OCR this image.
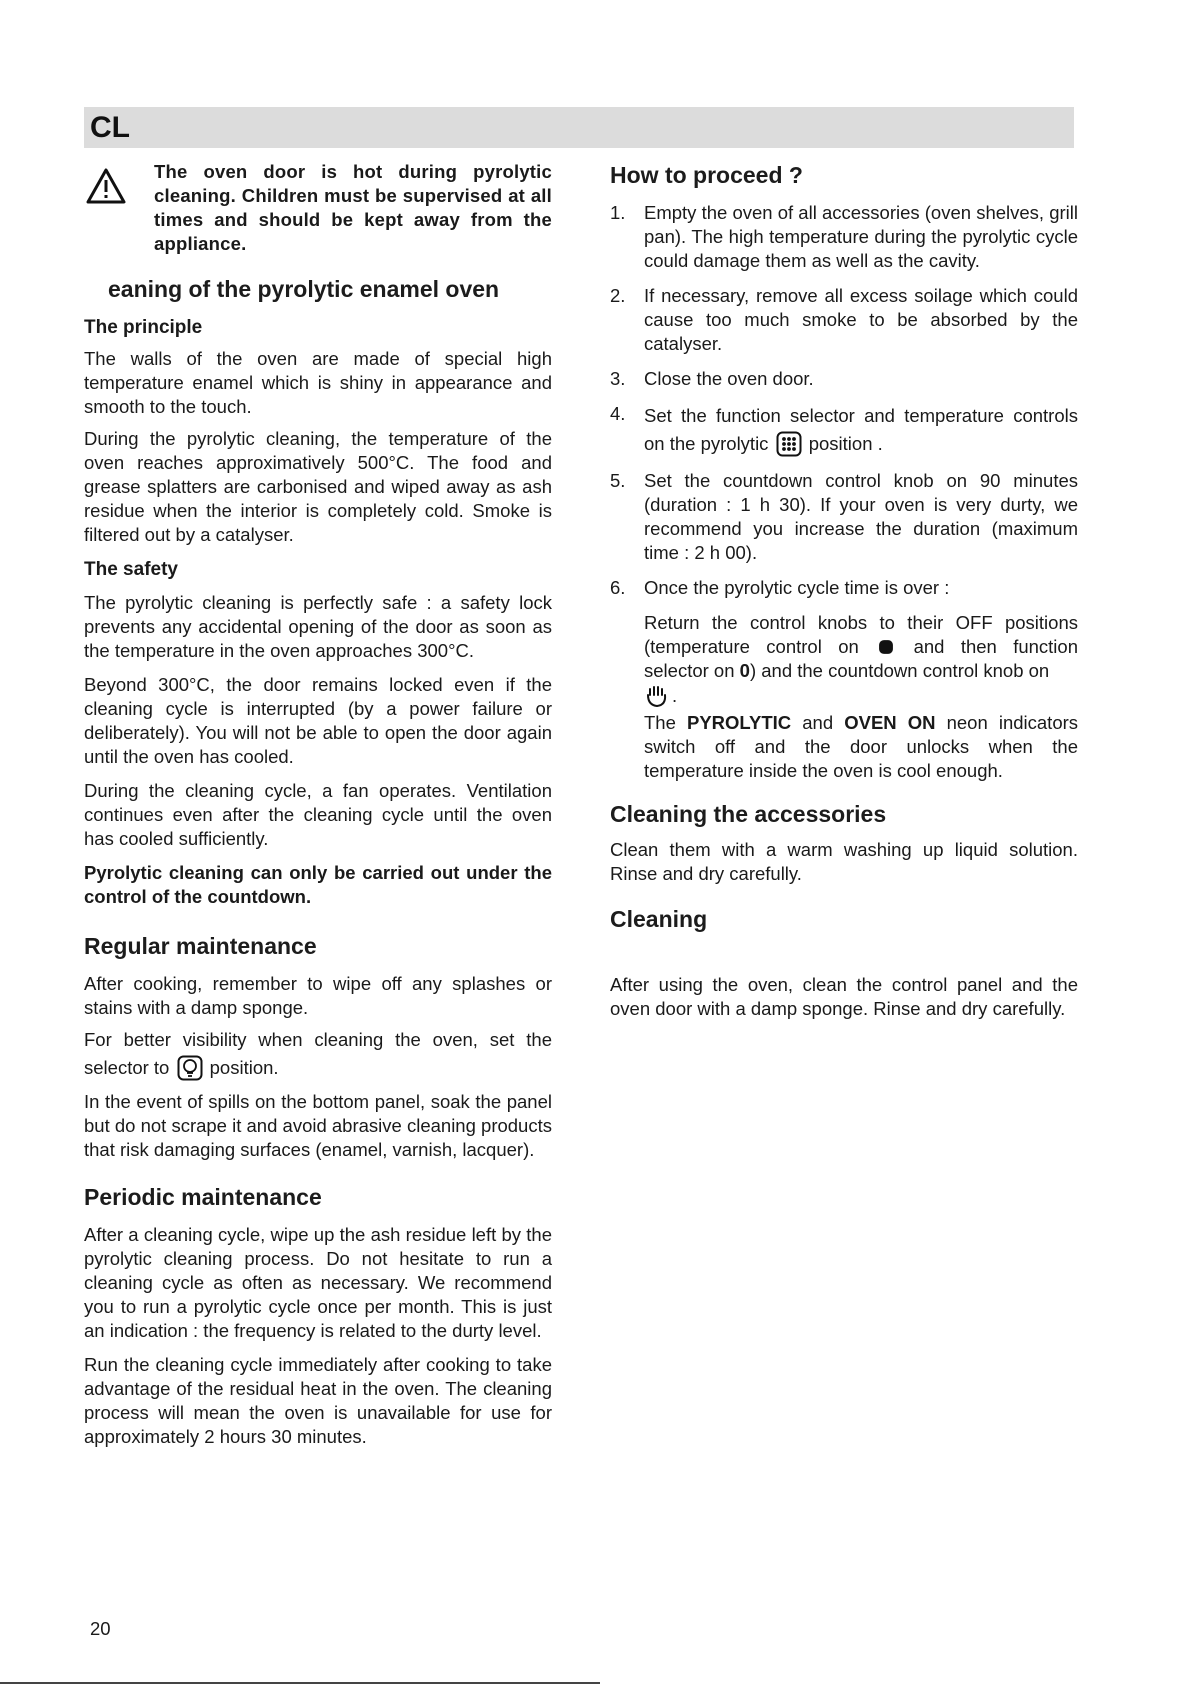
CL
The oven door is hot during pyrolytic cleaning. Children must be supervised at all times and should be kept away from the appliance.
eaning of the pyrolytic enamel oven
The principle

The walls of the oven are made of special high temperature enamel which is shiny in appearance and smooth to the touch.

During the pyrolytic cleaning, the temperature of the oven reaches approximatively 500°C. The food and grease splatters are carbonised and wiped away as ash residue when the interior is completely cold. Smoke is filtered out by a catalyser.

The safety

The pyrolytic cleaning is perfectly safe : a safety lock prevents any accidental opening of the door as soon as the temperature in the oven approaches 300°C.

Beyond 300°C, the door remains locked even if the cleaning cycle is interrupted (by a power failure or deliberately). You will not be able to open the door again until the oven has cooled.

During the cleaning cycle, a fan operates. Ventilation continues even after the cleaning cycle until the oven has cooled sufficiently.

Pyrolytic cleaning can only be carried out under the control of the countdown.

Regular maintenance

After cooking, remember to wipe off any splashes or stains with a damp sponge.

For better visibility when cleaning the oven, set the selector to position.

In the event of spills on the bottom panel, soak the panel but do not scrape it and avoid abrasive cleaning products that risk damaging surfaces (enamel, varnish, lacquer).

Periodic maintenance

After a cleaning cycle, wipe up the ash residue left by the pyrolytic cleaning process. Do not hesitate to run a cleaning cycle as often as necessary. We recommend you to run a pyrolytic cycle once per month. This is just an indication : the frequency is related to the durty level.

Run the cleaning cycle immediately after cooking to take advantage of the residual heat in the oven. The cleaning process will mean the oven is unavailable for use for approximately 2 hours 30 minutes.

How to proceed ?
1. Empty the oven of all accessories (oven shelves, grill pan). The high temperature during the pyrolytic cycle could damage them as well as the cavity.

2. If necessary, remove all excess soilage which could cause too much smoke to be absorbed by the catalyser.

3. Close the oven door.

4. Set the function selector and temperature controls on the pyrolytic position .

5. Set the countdown control knob on 90 minutes (duration : 1 h 30). If your oven is very durty, we recommend you increase the duration (maximum time : 2 h 00).

6. Once the pyrolytic cycle time is over :

Return the control knobs to their OFF positions (temperature control on	and then function selector on 0) and the countdown control knob on
.

The PYROLYTIC and OVEN ON neon indicators switch off and the door unlocks when the temperature inside the oven is cool enough.

Cleaning the accessories

Clean them with a warm washing up liquid solution. Rinse and dry carefully.

Cleaning

After using the oven, clean the control panel and the oven door with a damp sponge. Rinse and dry carefully.

20
